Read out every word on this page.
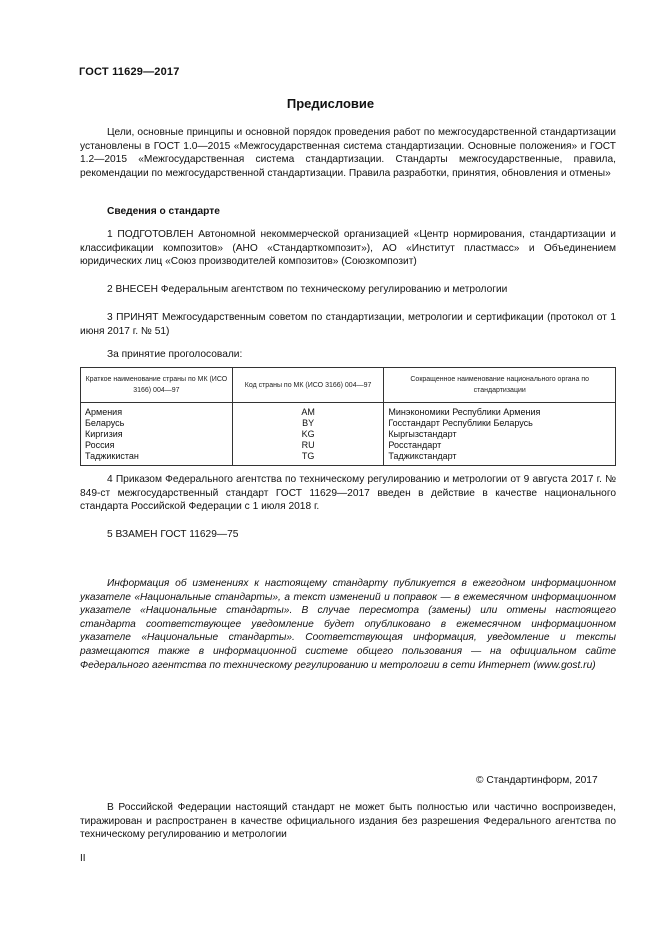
ГОСТ 11629—2017
Предисловие
Цели, основные принципы и основной порядок проведения работ по межгосударственной стандартизации установлены в ГОСТ 1.0—2015 «Межгосударственная система стандартизации. Основные положения» и ГОСТ 1.2—2015 «Межгосударственная система стандартизации. Стандарты межгосударственные, правила, рекомендации по межгосударственной стандартизации. Правила разработки, принятия, обновления и отмены»
Сведения о стандарте
1 ПОДГОТОВЛЕН Автономной некоммерческой организацией «Центр нормирования, стандартизации и классификации композитов» (АНО «Стандарткомпозит»), АО «Институт пластмасс» и Объединением юридических лиц «Союз производителей композитов» (Союзкомпозит)
2 ВНЕСЕН Федеральным агентством по техническому регулированию и метрологии
3 ПРИНЯТ Межгосударственным советом по стандартизации, метрологии и сертификации (протокол от 1 июня 2017 г. № 51)
За принятие проголосовали:
Краткое наименование страны по МК (ИСО 3166) 004—97	Код страны по МК (ИСО 3166) 004—97	Сокращенное наименование национального органа по стандартизации
Армения	AM	Минэкономики Республики Армения
Беларусь	BY	Госстандарт Республики Беларусь
Киргизия	KG	Кыргызстандарт
Россия	RU	Росстандарт
Таджикистан	TG	Таджикстандарт
4 Приказом Федерального агентства по техническому регулированию и метрологии от 9 августа 2017 г. № 849-ст межгосударственный стандарт ГОСТ 11629—2017 введен в действие в качестве национального стандарта Российской Федерации с 1 июля 2018 г.
5 ВЗАМЕН ГОСТ 11629—75
Информация об изменениях к настоящему стандарту публикуется в ежегодном информационном указателе «Национальные стандарты», а текст изменений и поправок — в ежемесячном информационном указателе «Национальные стандарты». В случае пересмотра (замены) или отмены настоящего стандарта соответствующее уведомление будет опубликовано в ежемесячном информационном указателе «Национальные стандарты». Соответствующая информация, уведомление и тексты размещаются также в информационной системе общего пользования — на официальном сайте Федерального агентства по техническому регулированию и метрологии в сети Интернет (www.gost.ru)
© Стандартинформ, 2017
В Российской Федерации настоящий стандарт не может быть полностью или частично воспроизведен, тиражирован и распространен в качестве официального издания без разрешения Федерального агентства по техническому регулированию и метрологии
II
